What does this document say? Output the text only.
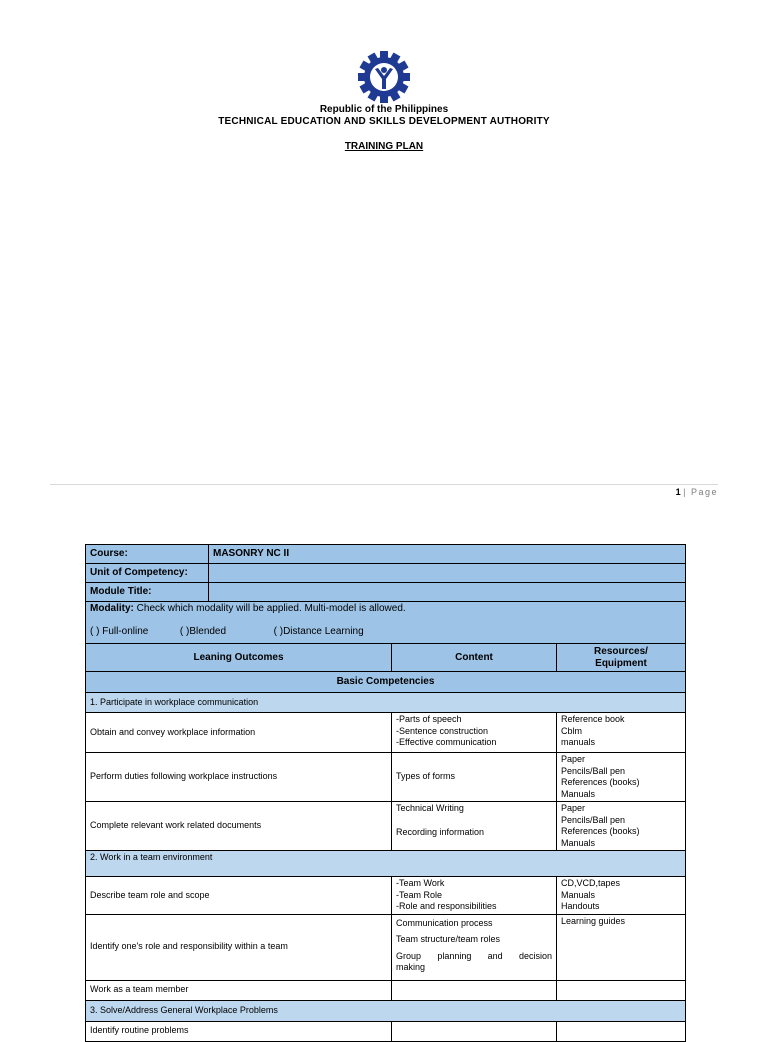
Republic of the Philippines
TECHNICAL EDUCATION AND SKILLS DEVELOPMENT AUTHORITY
TRAINING PLAN
1 | Page
Course:	MASONRY NC II		
Unit of Competency:			
Module Title:			
Modality: Check which modality will be applied. Multi-model is allowed.
( ) Full-online ( )Blended ( )Distance Learning			

Leaning Outcomes		Content	Resources/
Equipment

Basic Competencies			
1. Participate in workplace communication			
Obtain and convey workplace information		-Parts of speech
-Sentence construction
-Effective communication	Reference book
Cblm
manuals

Perform duties following workplace instructions		Types of forms	Paper
Pencils/Ball pen
References (books)
Manuals

Complete relevant work related documents		Technical Writing
Recording information	Paper
Pencils/Ball pen
References (books)
Manuals

2. Work in a team environment			
Describe team role and scope		-Team Work
-Team Role
-Role and responsibilities	CD,VCD,tapes
Manuals
Handouts

Identify one's role and responsibility within a team		Communication process
Team structure/team roles
Group planning and decision
making	Learning guides

Work as a team member			
3. Solve/Address General Workplace Problems			
Identify routine problems			
